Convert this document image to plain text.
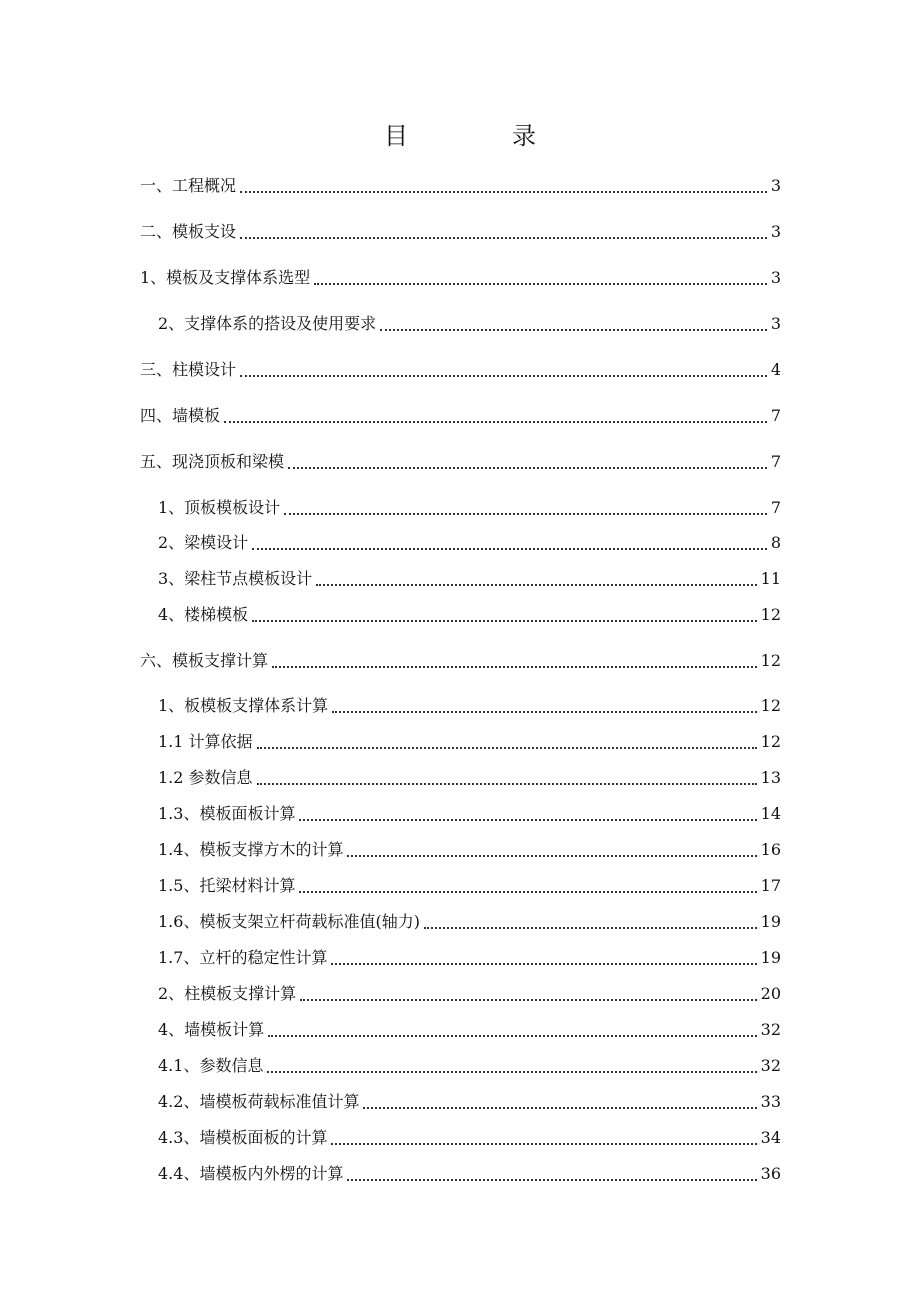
目　录
一、工程概况	3
二、模板支设	3
1、模板及支撑体系选型	3
2、支撑体系的搭设及使用要求	3
三、柱模设计	4
四、墙模板	7
五、现浇顶板和梁模	7
1、顶板模板设计	7
2、梁模设计	8
3、梁柱节点模板设计	11
4、楼梯模板	12
六、模板支撑计算	12
1、板模板支撑体系计算	12
1.1 计算依据	12
1.2 参数信息	13
1.3、模板面板计算	14
1.4、模板支撑方木的计算	16
1.5、托梁材料计算	17
1.6、模板支架立杆荷载标准值(轴力)	19
1.7、立杆的稳定性计算	19
2、柱模板支撑计算	20
4、墙模板计算	32
4.1、参数信息	32
4.2、墙模板荷载标准值计算	33
4.3、墙模板面板的计算	34
4.4、墙模板内外楞的计算	36
